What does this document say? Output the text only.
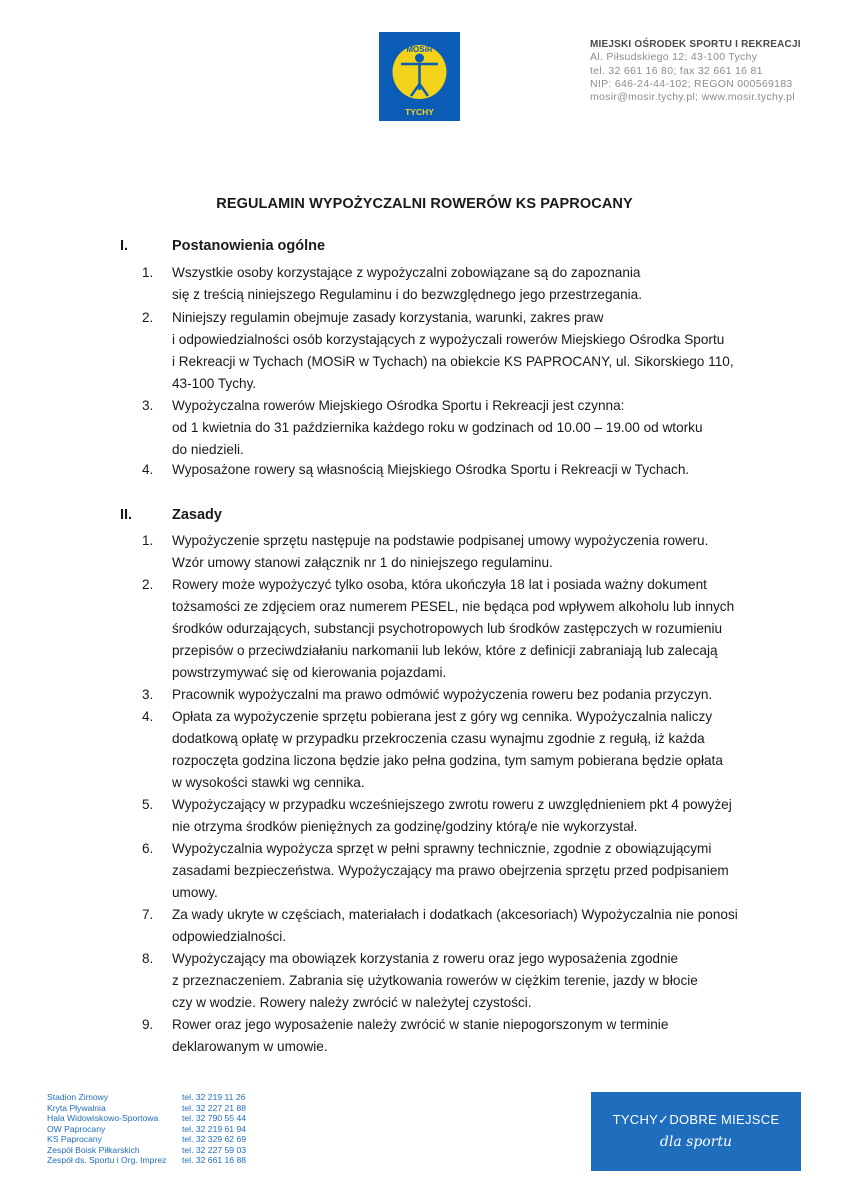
MOSiR
TYCHY
MIEJSKI OŚRODEK SPORTU I REKREACJI
Al. Piłsudskiego 12; 43-100 Tychy
tel. 32 661 16 80; fax 32 661 16 81
NIP: 646-24-44-102; REGON 000569183
mosir@mosir.tychy.pl; www.mosir.tychy.pl
REGULAMIN WYPOŻYCZALNI ROWERÓW KS PAPROCANY
I.	Postanowienia ogólne
1. Wszystkie osoby korzystające z wypożyczalni zobowiązane są do zapoznania

się z treścią niniejszego Regulaminu i do bezwzględnego jego przestrzegania.

2. Niniejszy regulamin obejmuje zasady korzystania, warunki, zakres praw

i odpowiedzialności osób korzystających z wypożyczali rowerów Miejskiego Ośrodka Sportu

i Rekreacji w Tychach (MOSiR w Tychach) na obiekcie KS PAPROCANY, ul. Sikorskiego 110,

43-100 Tychy.

3. Wypożyczalna rowerów Miejskiego Ośrodka Sportu i Rekreacji jest czynna:

od 1 kwietnia do 31 października każdego roku w godzinach od 10.00 – 19.00 od wtorku

do niedzieli.

4. Wyposażone rowery są własnością Miejskiego Ośrodka Sportu i Rekreacji w Tychach.

II.	Zasady
1. Wypożyczenie sprzętu następuje na podstawie podpisanej umowy wypożyczenia roweru.

Wzór umowy stanowi załącznik nr 1 do niniejszego regulaminu.

2. Rowery może wypożyczyć tylko osoba, która ukończyła 18 lat i posiada ważny dokument

tożsamości ze zdjęciem oraz numerem PESEL, nie będąca pod wpływem alkoholu lub innych

środków odurzających, substancji psychotropowych lub środków zastępczych w rozumieniu

przepisów o przeciwdziałaniu narkomanii lub leków, które z definicji zabraniają lub zalecają

powstrzymywać się od kierowania pojazdami.

3. Pracownik wypożyczalni ma prawo odmówić wypożyczenia roweru bez podania przyczyn.

4. Opłata za wypożyczenie sprzętu pobierana jest z góry wg cennika. Wypożyczalnia naliczy

dodatkową opłatę w przypadku przekroczenia czasu wynajmu zgodnie z regułą, iż każda

rozpoczęta godzina liczona będzie jako pełna godzina, tym samym pobierana będzie opłata

w wysokości stawki wg cennika.

5. Wypożyczający w przypadku wcześniejszego zwrotu roweru z uwzględnieniem pkt 4 powyżej

nie otrzyma środków pieniężnych za godzinę/godziny którą/e nie wykorzystał.

6. Wypożyczalnia wypożycza sprzęt w pełni sprawny technicznie, zgodnie z obowiązującymi

zasadami bezpieczeństwa. Wypożyczający ma prawo obejrzenia sprzętu przed podpisaniem

umowy.

7. Za wady ukryte w częściach, materiałach i dodatkach (akcesoriach) Wypożyczalnia nie ponosi

odpowiedzialności.

8. Wypożyczający ma obowiązek korzystania z roweru oraz jego wyposażenia zgodnie

z przeznaczeniem. Zabrania się użytkowania rowerów w ciężkim terenie, jazdy w błocie

czy w wodzie. Rowery należy zwrócić w należytej czystości.

9. Rower oraz jego wyposażenie należy zwrócić w stanie niepogorszonym w terminie

deklarowanym w umowie.

Stadion Zimowy	tel. 32 219 11 26
Kryta Pływalnia	tel. 32 227 21 88
Hala Widowiskowo-Sportowa	tel. 32 790 55 44
OW Paprocany	tel. 32 219 61 94
KS Paprocany	tel. 32 329 62 69
Zespół Boisk Piłkarskich	tel. 32 227 59 03
Zespół ds. Sportu i Org. Imprez	tel. 32 661 16 88
TYCHY✓DOBRE MIEJSCE
dla sportu
